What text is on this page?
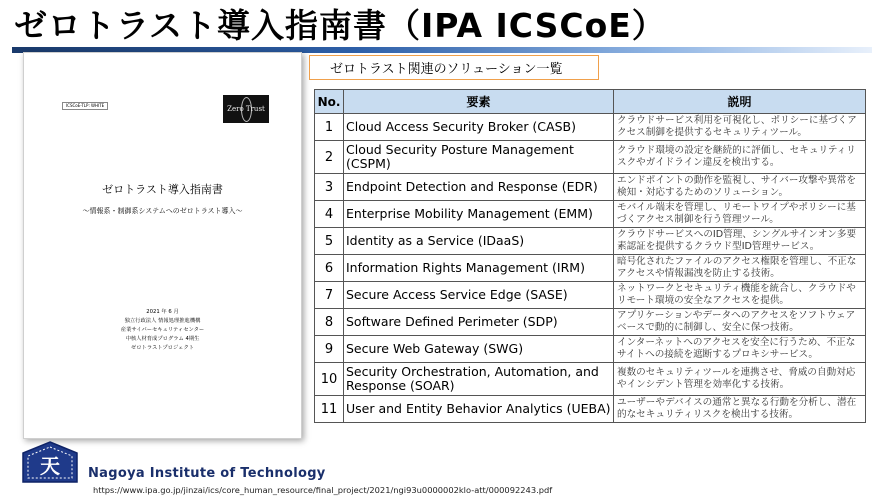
ゼロトラスト導入指南書（IPA ICSCoE）
ICSCoE-TLP: WHITE	Zero Trust
ゼロトラスト導入指南書
～情報系・制御系システムへのゼロトラスト導入～
2021 年 6 月
独立行政法人 情報処理推進機構
産業サイバーセキュリティセンター
中核人材育成プログラム 4期生
ゼロトラストプロジェクト
ゼロトラスト関連のソリューション一覧
No.	要素	説明
1	Cloud Access Security Broker (CASB)	クラウドサービス利用を可視化し、ポリシーに基づくアクセス制御を提供するセキュリティツール。
2	Cloud Security Posture Management (CSPM)	クラウド環境の設定を継続的に評価し、セキュリティリスクやガイドライン違反を検出する。
3	Endpoint Detection and Response (EDR)	エンドポイントの動作を監視し、サイバー攻撃や異常を検知・対応するためのソリューション。
4	Enterprise Mobility Management (EMM)	モバイル端末を管理し、リモートワイプやポリシーに基づくアクセス制御を行う管理ツール。
5	Identity as a Service (IDaaS)	クラウドサービスへのID管理、シングルサインオン多要素認証を提供するクラウド型ID管理サービス。
6	Information Rights Management (IRM)	暗号化されたファイルのアクセス権限を管理し、不正なアクセスや情報漏洩を防止する技術。
7	Secure Access Service Edge (SASE)	ネットワークとセキュリティ機能を統合し、クラウドやリモート環境の安全なアクセスを提供。
8	Software Defined Perimeter (SDP)	アプリケーションやデータへのアクセスをソフトウェアベースで動的に制御し、安全に保つ技術。
9	Secure Web Gateway (SWG)	インターネットへのアクセスを安全に行うため、不正なサイトへの接続を遮断するプロキシサービス。
10	Security Orchestration, Automation, and Response (SOAR)	複数のセキュリティツールを連携させ、脅威の自動対応やインシデント管理を効率化する技術。
11	User and Entity Behavior Analytics (UEBA)	ユーザーやデバイスの通常と異なる行動を分析し、潜在的なセキュリティリスクを検出する技術。
天 Nagoya Institute of Technology
https://www.ipa.go.jp/jinzai/ics/core_human_resource/final_project/2021/ngi93u0000002klo-att/000092243.pdf
